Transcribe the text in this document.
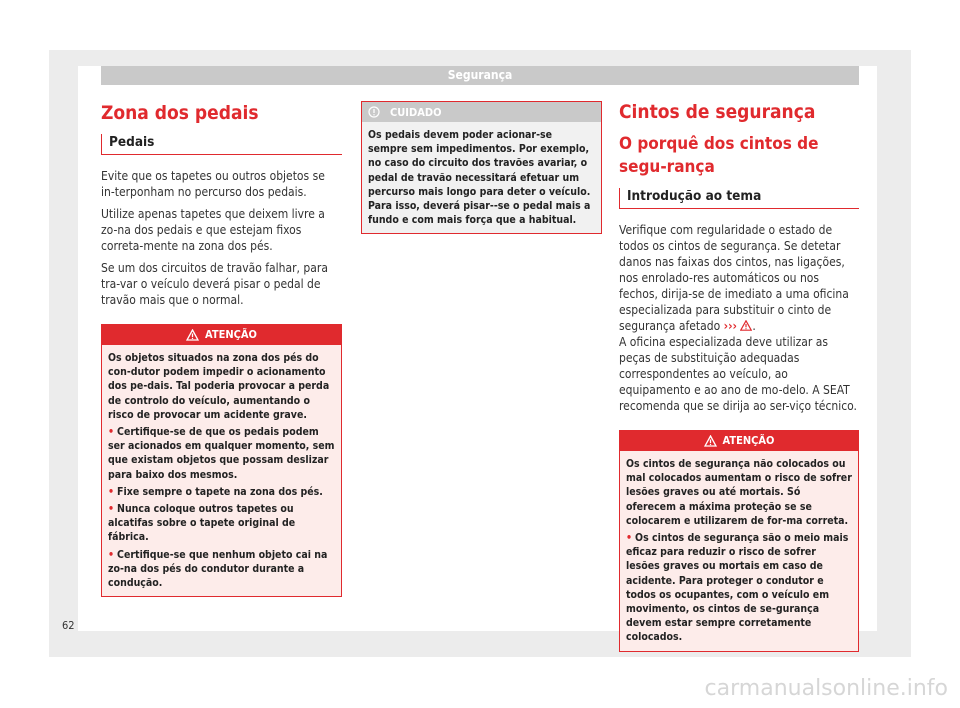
Segurança
Zona dos pedais
Pedais

Evite que os tapetes ou outros objetos se in-terponham no percurso dos pedais.

Utilize apenas tapetes que deixem livre a zo-na dos pedais e que estejam fixos correta-mente na zona dos pés.

Se um dos circuitos de travão falhar, para tra-var o veículo deverá pisar o pedal de travão mais que o normal.

ATENÇÃO
Os objetos situados na zona dos pés do con-dutor podem impedir o acionamento dos pe-dais. Tal poderia provocar a perda de controlo do veículo, aumentando o risco de provocar um acidente grave.
• Certifique-se de que os pedais podem ser acionados em qualquer momento, sem que existam objetos que possam deslizar para baixo dos mesmos.
• Fixe sempre o tapete na zona dos pés.
• Nunca coloque outros tapetes ou alcatifas sobre o tapete original de fábrica.
• Certifique-se que nenhum objeto cai na zo-na dos pés do condutor durante a condução.
CUIDADO
Os pedais devem poder acionar-se sempre sem impedimentos. Por exemplo, no caso do circuito dos travões avariar, o pedal de travão necessitará efetuar um percurso mais longo para deter o veículo. Para isso, deverá pisar--se o pedal mais a fundo e com mais força que a habitual.
Cintos de segurança
O porquê dos cintos de segu-rança
Introdução ao tema

Verifique com regularidade o estado de todos os cintos de segurança. Se detetar danos nas faixas dos cintos, nas ligações, nos enrolado-res automáticos ou nos fechos, dirija-se de imediato a uma oficina especializada para substituir o cinto de segurança afetado ››› .

A oficina especializada deve utilizar as peças de substituição adequadas correspondentes ao veículo, ao equipamento e ao ano de mo-delo. A SEAT recomenda que se dirija ao ser-viço técnico.

ATENÇÃO
Os cintos de segurança não colocados ou mal colocados aumentam o risco de sofrer lesões graves ou até mortais. Só oferecem a máxima proteção se se colocarem e utilizarem de for-ma correta.
• Os cintos de segurança são o meio mais eficaz para reduzir o risco de sofrer lesões graves ou mortais em caso de acidente. Para proteger o condutor e todos os ocupantes, com o veículo em movimento, os cintos de se-gurança devem estar sempre corretamente colocados.
62
carmanualsonline.info
